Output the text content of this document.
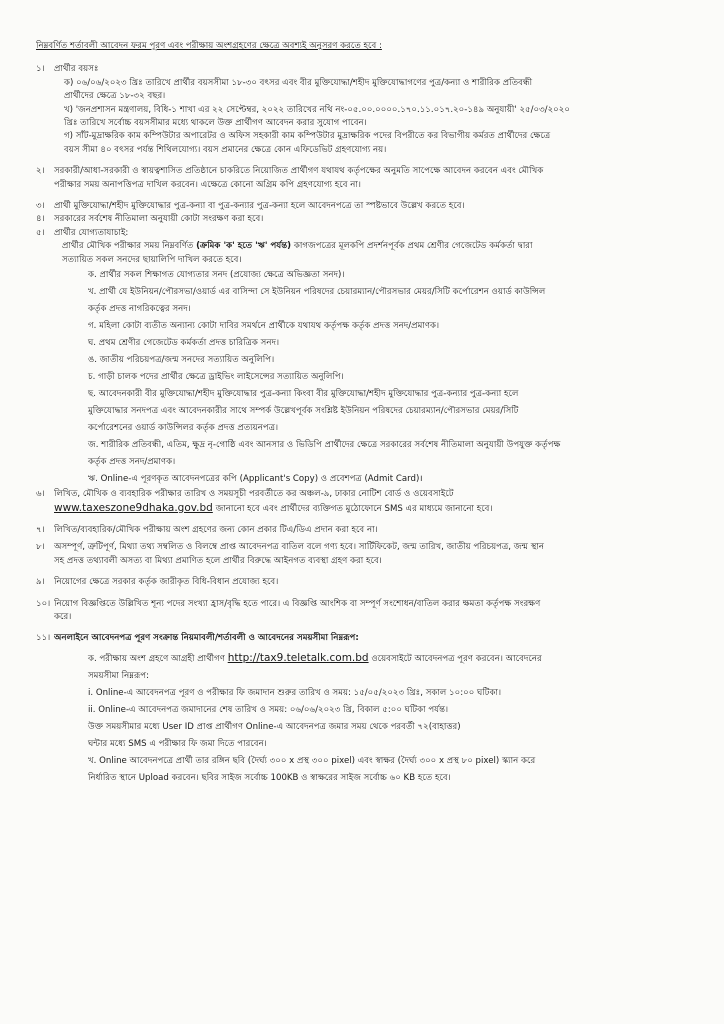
নিম্নবর্ণিত শর্তাবলী আবেদন ফরম পূরণ এবং পরীক্ষায় অংশগ্রহণের ক্ষেত্রে অবশ্যই অনুসরণ করতে হবে :
১।	প্রার্থীর বয়সঃ
ক) ০৬/০৬/২০২৩ খ্রিঃ তারিখে প্রার্থীর বয়সসীমা ১৮-৩০ বৎসর এবং বীর মুক্তিযোদ্ধা/শহীদ মুক্তিযোদ্ধাগণের পুত্র/কন্যা ও শারীরিক প্রতিবন্ধী
প্রার্থীদের ক্ষেত্রে ১৮-৩২ বছর।
খ) 'জনপ্রশাসন মন্ত্রণালয়, বিধি-১ শাখা এর ২২ সেপ্টেম্বর, ২০২২ তারিখের নথি নং-০৫.০০.০০০০.১৭০.১১.০১৭.২০-১৪৯ অনুযায়ী' ২৫/০৩/২০২০
খ্রিঃ তারিখে সর্বোচ্চ বয়সসীমার মধ্যে থাকলে উক্ত প্রার্থীগণ আবেদন করার সুযোগ পাবেন।
গ) সাঁট-মুদ্রাক্ষরিক কাম কম্পিউটার অপারেটর ও অফিস সহকারী কাম কম্পিউটার মুদ্রাক্ষরিক পদের বিপরীতে কর বিভাগীয় কর্মরত প্রার্থীদের ক্ষেত্রে
বয়স সীমা ৪০ বৎসর পর্যন্ত শিথিলযোগ্য। বয়স প্রমানের ক্ষেত্রে কোন এফিডেভিট গ্রহণযোগ্য নয়।
২।	সরকারী/আধা-সরকারী ও স্বায়ত্বশাসিত প্রতিষ্ঠানে চাকরিতে নিয়োজিত প্রার্থীগণ যথাযথ কর্তৃপক্ষের অনুমতি সাপেক্ষে আবেদন করবেন এবং মৌখিক
পরীক্ষার সময় অনাপত্তিপত্র দাখিল করবেন। এক্ষেত্রে কোনো অগ্রিম কপি গ্রহণযোগ্য হবে না।
৩।	প্রার্থী মুক্তিযোদ্ধা/শহীদ মুক্তিযোদ্ধার পুত্র-কন্যা বা পুত্র-কন্যার পুত্র-কন্যা হলে আবেদনপত্রে তা স্পষ্টভাবে উল্লেখ করতে হবে।
৪।	সরকারের সর্বশেষ নীতিমালা অনুযায়ী কোটা সংরক্ষণ করা হবে।
৫।	প্রার্থীর যোগ্যতাযাচাই:
প্রার্থীর মৌখিক পরীক্ষার সময় নিম্নবর্ণিত (ক্রমিক 'ক' হতে 'ঋ' পর্যন্ত) কাগজপত্রের মূলকপি প্রদর্শনপূর্বক প্রথম শ্রেণীর গেজেটেড কর্মকর্তা দ্বারা
সত্যায়িত সকল সনদের ছায়ালিপি দাখিল করতে হবে।
ক. প্রার্থীর সকল শিক্ষাগত যোগ্যতার সনদ (প্রযোজ্য ক্ষেত্রে অভিজ্ঞতা সনদ)।
খ. প্রার্থী যে ইউনিয়ন/পৌরসভা/ওয়ার্ড এর বাসিন্দা সে ইউনিয়ন পরিষদের চেয়ারম্যান/পৌরসভার মেয়র/সিটি কর্পোরেশন ওয়ার্ড কাউন্সিল
কর্তৃক প্রদত্ত নাগরিকত্বের সনদ।
গ. মহিলা কোটা ব্যতীত অন্যান্য কোটা দাবির সমর্থনে প্রার্থীকে যথাযথ কর্তৃপক্ষ কর্তৃক প্রদত্ত সনদ/প্রমাণক।
ঘ. প্রথম শ্রেণীর গেজেটেড কর্মকর্তা প্রদত্ত চারিত্রিক সনদ।
ঙ. জাতীয় পরিচয়পত্র/জন্ম সনদের সত্যায়িত অনুলিপি।
চ. গাড়ী চালক পদের প্রার্থীর ক্ষেত্রে ড্রাইভিং লাইসেন্সের সত্যায়িত অনুলিপি।
ছ. আবেদনকারী বীর মুক্তিযোদ্ধা/শহীদ মুক্তিযোদ্ধার পুত্র-কন্যা কিংবা বীর মুক্তিযোদ্ধা/শহীদ মুক্তিযোদ্ধার পুত্র-কন্যার পুত্র-কন্যা হলে
মুক্তিযোদ্ধার সনদপত্র এবং আবেদনকারীর সাথে সম্পর্ক উল্লেখপূর্বক সংশ্লিষ্ট ইউনিয়ন পরিষদের চেয়ারম্যান/পৌরসভার মেয়র/সিটি
কর্পোরেশনের ওয়ার্ড কাউন্সিলর কর্তৃক প্রদত্ত প্রত্যয়নপত্র।
জ. শারীরিক প্রতিবন্ধী, এতিম, ক্ষুদ্র নৃ-গোষ্ঠি এবং আনসার ও ভিডিপি প্রার্থীদের ক্ষেত্রে সরকারের সর্বশেষ নীতিমালা অনুযায়ী উপযুক্ত কর্তৃপক্ষ
কর্তৃক প্রদত্ত সনদ/প্রমাণক।
ঋ. Online-এ পূরণকৃত আবেদনপত্রের কপি (Applicant's Copy) ও প্রবেশপত্র (Admit Card)।
৬।	লিখিত, মৌখিক ও ব্যবহারিক পরীক্ষার তারিখ ও সময়সূচী পরবর্তীতে কর অঞ্চল-৯, ঢাকার নোটিশ বোর্ড ও ওয়েবসাইটে
www.taxeszone9dhaka.gov.bd জানানো হবে এবং প্রার্থীদের ব্যক্তিগত মুঠোফোনে SMS এর মাধ্যমে জানানো হবে।
৭।	লিখিত/ব্যবহারিক/মৌখিক পরীক্ষায় অংশ গ্রহণের জন্য কোন প্রকার টিএ/ডিএ প্রদান করা হবে না।
৮।	অসম্পূর্ণ, ত্রুটিপূর্ণ, মিথ্যা তথ্য সম্বলিত ও বিলম্বে প্রাপ্ত আবেদনপত্র বাতিল বলে গণ্য হবে। সার্টিফিকেট, জন্ম তারিখ, জাতীয় পরিচয়পত্র, জন্ম স্থান
সহ প্রদত্ত তথ্যাবলী অসত্য বা মিথ্যা প্রমাণিত হলে প্রার্থীর বিরুদ্ধে আইনগত ব্যবস্থা গ্রহণ করা হবে।
৯।	নিয়োগের ক্ষেত্রে সরকার কর্তৃক জারীকৃত বিধি-বিধান প্রযোজ্য হবে।
১০। নিয়োগ বিজ্ঞপ্তিতে উল্লিখিত শূন্য পদের সংখ্যা হ্রাস/বৃদ্ধি হতে পারে। এ বিজ্ঞপ্তি আংশিক বা সম্পূর্ণ সংশোধন/বাতিল করার ক্ষমতা কর্তৃপক্ষ সংরক্ষণ
করে।
১১। অনলাইনে আবেদনপত্র পূরণ সংক্রান্ত নিয়মাবলী/শর্তাবলী ও আবেদনের সময়সীমা নিম্নরূপ:
ক. পরীক্ষায় অংশ গ্রহণে আগ্রহী প্রার্থীগণ http://tax9.teletalk.com.bd ওয়েবসাইটে আবেদনপত্র পূরণ করবেন। আবেদনের
সময়সীমা নিম্নরূপ:
i. Online-এ আবেদনপত্র পূরণ ও পরীক্ষার ফি জমাদান শুরুর তারিখ ও সময়: ১৫/০৫/২০২৩ খ্রিঃ, সকাল ১০:০০ ঘটিকা।
ii. Online-এ আবেদনপত্র জমাদানের শেষ তারিখ ও সময়: ০৬/০৬/২০২৩ খ্রি, বিকাল ৫:০০ ঘটিকা পর্যন্ত।
উক্ত সময়সীমার মধ্যে User ID প্রাপ্ত প্রার্থীগণ Online-এ আবেদনপত্র জমার সময় থেকে পরবর্তী ৭২(বাহাত্তর)
ঘন্টার মধ্যে SMS এ পরীক্ষার ফি জমা দিতে পারবেন।
খ. Online আবেদনপত্রে প্রার্থী তার রঙ্গিন ছবি (দৈর্ঘ্য ৩০০ x প্রস্থ ৩০০ pixel) এবং স্বাক্ষর (দৈর্ঘ্য ৩০০ x প্রস্থ ৮০ pixel) স্ক্যান করে
নির্ধারিত স্থানে Upload করবেন। ছবির সাইজ সর্বোচ্চ 100KB ও স্বাক্ষরের সাইজ সর্বোচ্চ ৬০ KB হতে হবে।
